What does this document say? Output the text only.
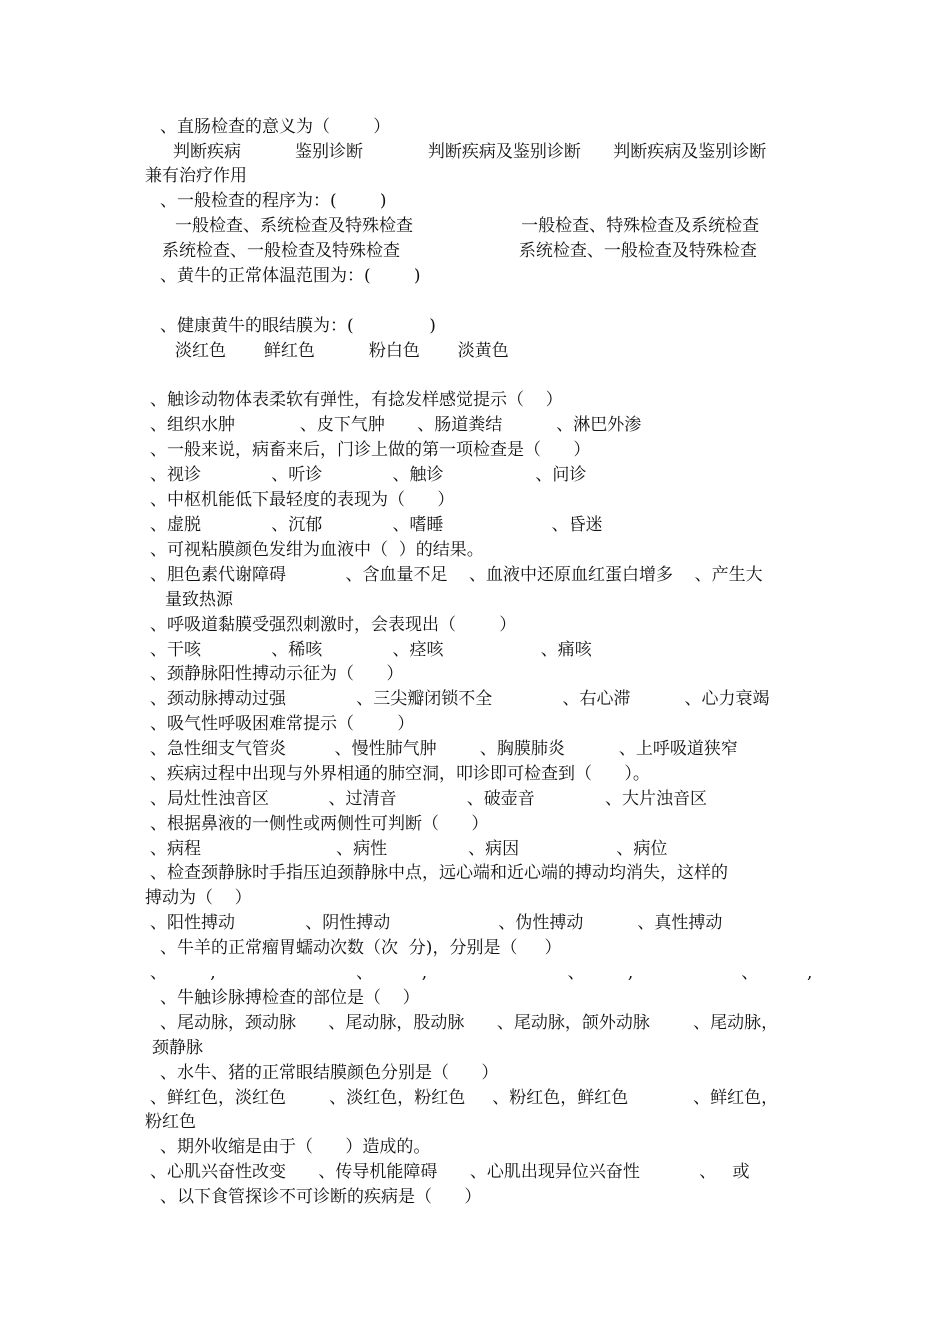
、直肠检查的意义为（        ）
判断疾病          鉴别诊断            判断疾病及鉴别诊断      判断疾病及鉴别诊断
兼有治疗作用
、一般检查的程序为：(        )
一般检查、系统检查及特殊检查                    一般检查、特殊检查及系统检查
系统检查、一般检查及特殊检查                      系统检查、一般检查及特殊检查
、黄牛的正常体温范围为：(        )
、健康黄牛的眼结膜为：(              )
淡红色       鲜红色          粉白色       淡黄色
、触诊动物体表柔软有弹性，有捻发样感觉提示（    ）
、组织水肿            、皮下气肿      、肠道粪结          、淋巴外渗
、一般来说，病畜来后，门诊上做的第一项检查是（      ）
、视诊             、听诊             、触诊                 、问诊
、中枢机能低下最轻度的表现为（      ）
、虚脱             、沉郁             、嗜睡                    、昏迷
、可视粘膜颜色发绀为血液中（  ）的结果。
、胆色素代谢障碍           、含血量不足    、血液中还原血红蛋白增多    、产生大
量致热源
、呼吸道黏膜受强烈刺激时，会表现出（        ）
、干咳             、稀咳             、痉咳                  、痛咳
、颈静脉阳性搏动示征为（      ）
、颈动脉搏动过强             、三尖瓣闭锁不全             、右心滞          、心力衰竭
、吸气性呼吸困难常提示（        ）
、急性细支气管炎         、慢性肺气肿        、胸膜肺炎          、上呼吸道狭窄
、疾病过程中出现与外界相通的肺空洞，叩诊即可检查到（      ）。
、局灶性浊音区           、过清音             、破壶音             、大片浊音区
、根据鼻液的一侧性或两侧性可判断（      ）
、病程                         、病性               、病因                  、病位
、检查颈静脉时手指压迫颈静脉中点，远心端和近心端的搏动均消失，这样的
搏动为（    ）
、阳性搏动             、阴性搏动                    、伪性搏动          、真性搏动
、牛羊的正常瘤胃蠕动次数（次  分)，分别是（     ）
、        ,                          、         ,                          、        ,                    、         ,
、牛触诊脉搏检查的部位是（    ）
、尾动脉，颈动脉      、尾动脉，股动脉      、尾动脉，颌外动脉        、尾动脉，
颈静脉
、水牛、猪的正常眼结膜颜色分别是（      ）
、鲜红色，淡红色        、淡红色，粉红色     、粉红色，鲜红色            、鲜红色，
粉红色
、期外收缩是由于（      ）造成的。
、心肌兴奋性改变      、传导机能障碍      、心肌出现异位兴奋性           、   或
、以下食管探诊不可诊断的疾病是（      ）
